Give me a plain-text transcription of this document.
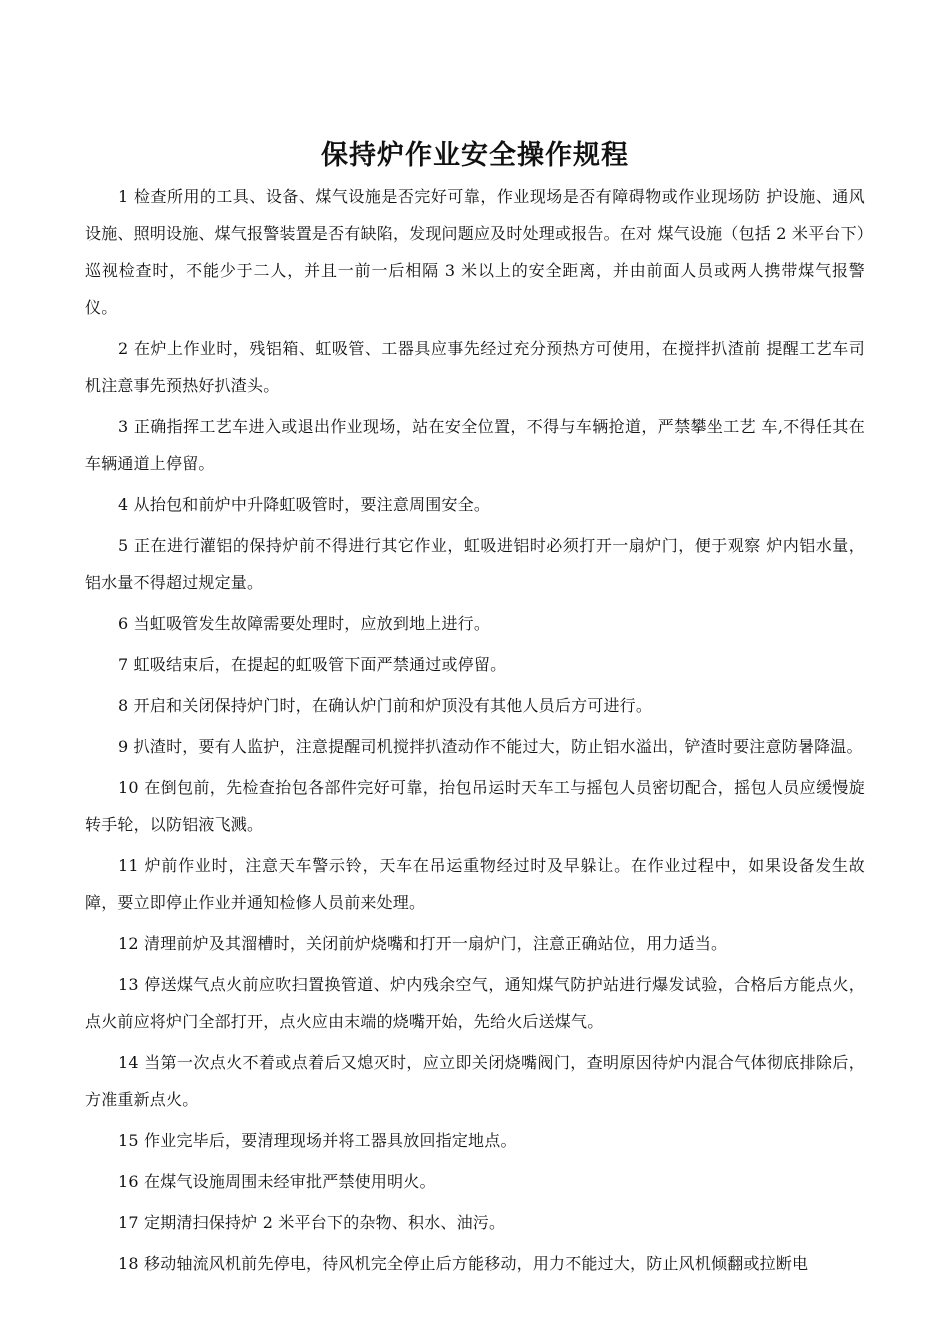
保持炉作业安全操作规程

1 检查所用的工具、设备、煤气设施是否完好可靠，作业现场是否有障碍物或作业现场防 护设施、通风设施、照明设施、煤气报警装置是否有缺陷，发现问题应及时处理或报告。在对 煤气设施（包括 2 米平台下）巡视检查时，不能少于二人，并且一前一后相隔 3 米以上的安全距离，并由前面人员或两人携带煤气报警仪。

2 在炉上作业时，残铝箱、虹吸管、工器具应事先经过充分预热方可使用，在搅拌扒渣前 提醒工艺车司机注意事先预热好扒渣头。

3 正确指挥工艺车进入或退出作业现场，站在安全位置，不得与车辆抢道，严禁攀坐工艺 车,不得任其在车辆通道上停留。

4 从抬包和前炉中升降虹吸管时，要注意周围安全。

5 正在进行灌铝的保持炉前不得进行其它作业，虹吸进铝时必须打开一扇炉门，便于观察 炉内铝水量，铝水量不得超过规定量。

6 当虹吸管发生故障需要处理时，应放到地上进行。

7 虹吸结束后，在提起的虹吸管下面严禁通过或停留。

8 开启和关闭保持炉门时，在确认炉门前和炉顶没有其他人员后方可进行。

9 扒渣时，要有人监护，注意提醒司机搅拌扒渣动作不能过大，防止铝水溢出，铲渣时要注意防暑降温。

10 在倒包前，先检查抬包各部件完好可靠，抬包吊运时天车工与摇包人员密切配合，摇包人员应缓慢旋转手轮，以防铝液飞溅。

11 炉前作业时，注意天车警示铃，天车在吊运重物经过时及早躲让。在作业过程中，如果设备发生故障，要立即停止作业并通知检修人员前来处理。

12 清理前炉及其溜槽时，关闭前炉烧嘴和打开一扇炉门，注意正确站位，用力适当。

13 停送煤气点火前应吹扫置换管道、炉内残余空气，通知煤气防护站进行爆发试验，合格后方能点火，点火前应将炉门全部打开，点火应由末端的烧嘴开始，先给火后送煤气。

14 当第一次点火不着或点着后又熄灭时，应立即关闭烧嘴阀门，查明原因待炉内混合气体彻底排除后，方准重新点火。

15 作业完毕后，要清理现场并将工器具放回指定地点。

16 在煤气设施周围未经审批严禁使用明火。

17 定期清扫保持炉 2 米平台下的杂物、积水、油污。

18 移动轴流风机前先停电，待风机完全停止后方能移动，用力不能过大，防止风机倾翻或拉断电
